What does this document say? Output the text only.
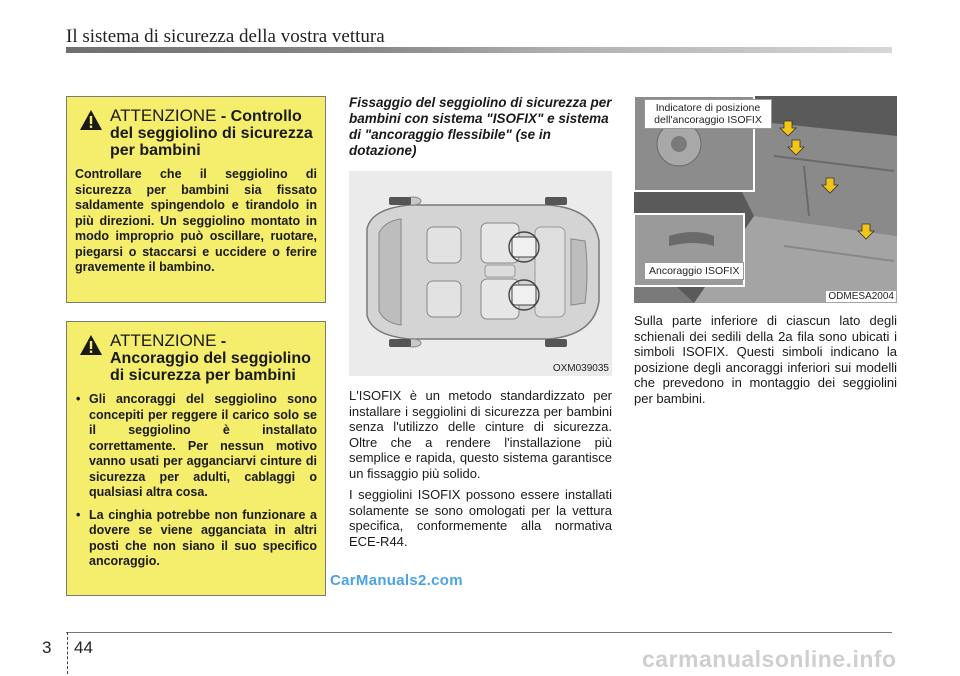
Il sistema di sicurezza della vostra vettura
ATTENZIONE - Controllo del seggiolino di sicurezza per bambini
Controllare che il seggiolino di sicurezza per bambini sia fissato saldamente spingendolo e tirandolo in più direzioni. Un seggiolino montato in modo improprio può oscillare, ruotare, piegarsi o staccarsi e uccidere o ferire gravemente il bambino.
ATTENZIONE - Ancoraggio del seggiolino di sicurezza per bambini
• Gli ancoraggi del seggiolino sono concepiti per reggere il carico solo se il seggiolino è installato correttamente. Per nessun motivo vanno usati per agganciarvi cinture di sicurezza per adulti, cablaggi o qualsiasi altra cosa.
• La cinghia potrebbe non funzionare a dovere se viene agganciata in altri posti che non siano il suo specifico ancoraggio.
Fissaggio del seggiolino di sicurezza per bambini con sistema "ISOFIX" e sistema di "ancoraggio flessibile" (se in dotazione)
OXM039035

L'ISOFIX è un metodo standardizzato per installare i seggiolini di sicurezza per bambini senza l'utilizzo delle cinture di sicurezza. Oltre che a rendere l'installazione più semplice e rapida, questo sistema garantisce un fissaggio più solido.

I seggiolini ISOFIX possono essere installati solamente se sono omologati per la vettura specifica, conformemente alla normativa ECE-R44.

Indicatore di posizione dell'ancoraggio ISOFIX
Ancoraggio ISOFIX
ODMESA2004

Sulla parte inferiore di ciascun lato degli schienali dei sedili della 2a fila sono ubicati i simboli ISOFIX. Questi simboli indicano la posizione degli ancoraggi inferiori sui modelli che prevedono in montaggio dei seggiolini per bambini.

CarManuals2.com
3 44	carmanualsonline.info
